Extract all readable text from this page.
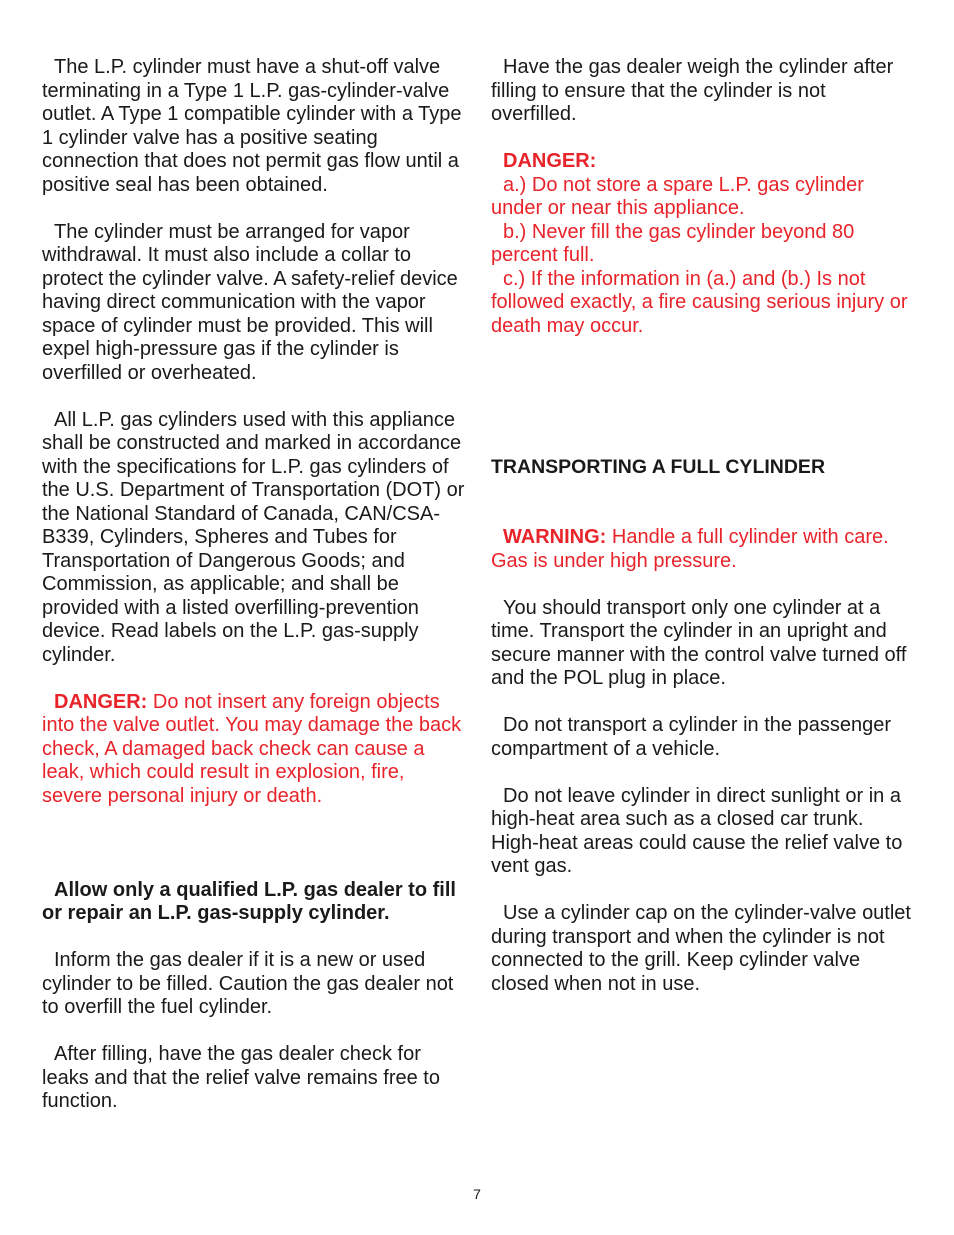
The L.P. cylinder must have a shut-off valve terminating in a Type 1 L.P. gas-cylinder-valve outlet. A Type 1 compatible cylinder with a Type 1 cylinder valve has a positive seating connection that does not permit gas flow until a positive seal has been obtained.

The cylinder must be arranged for vapor withdrawal. It must also include a collar to protect the cylinder valve. A safety-relief device having direct communication with the vapor space of cylinder must be provided. This will expel high-pressure gas if the cylinder is overfilled or overheated.

All L.P. gas cylinders used with this appliance shall be constructed and marked in accordance with the specifications for L.P. gas cylinders of the U.S. Department of Transportation (DOT) or the National Standard of Canada, CAN/CSA-B339, Cylinders, Spheres and Tubes for Transportation of Dangerous Goods; and Commission, as applicable; and shall be provided with a listed overfilling-prevention device. Read labels on the L.P. gas-supply cylinder.

DANGER: Do not insert any foreign objects into the valve outlet. You may damage the back check, A damaged back check can cause a leak, which could result in explosion, fire, severe personal injury or death.

Allow only a qualified L.P. gas dealer to fill or repair an L.P. gas-supply cylinder.

Inform the gas dealer if it is a new or used cylinder to be filled. Caution the gas dealer not to overfill the fuel cylinder.

After filling, have the gas dealer check for leaks and that the relief valve remains free to function.

Have the gas dealer weigh the cylinder after filling to ensure that the cylinder is not overfilled.

DANGER:
a.) Do not store a spare L.P. gas cylinder under or near this appliance.
b.) Never fill the gas cylinder beyond 80 percent full.
c.) If the information in (a.) and (b.) Is not followed exactly, a fire causing serious injury or death may occur.

TRANSPORTING A FULL CYLINDER

WARNING: Handle a full cylinder with care. Gas is under high pressure.

You should transport only one cylinder at a time. Transport the cylinder in an upright and secure manner with the control valve turned off and the POL plug in place.

Do not transport a cylinder in the passenger compartment of a vehicle.

Do not leave cylinder in direct sunlight or in a high-heat area such as a closed car trunk. High-heat areas could cause the relief valve to vent gas.

Use a cylinder cap on the cylinder-valve outlet during transport and when the cylinder is not connected to the grill. Keep cylinder valve closed when not in use.

7
